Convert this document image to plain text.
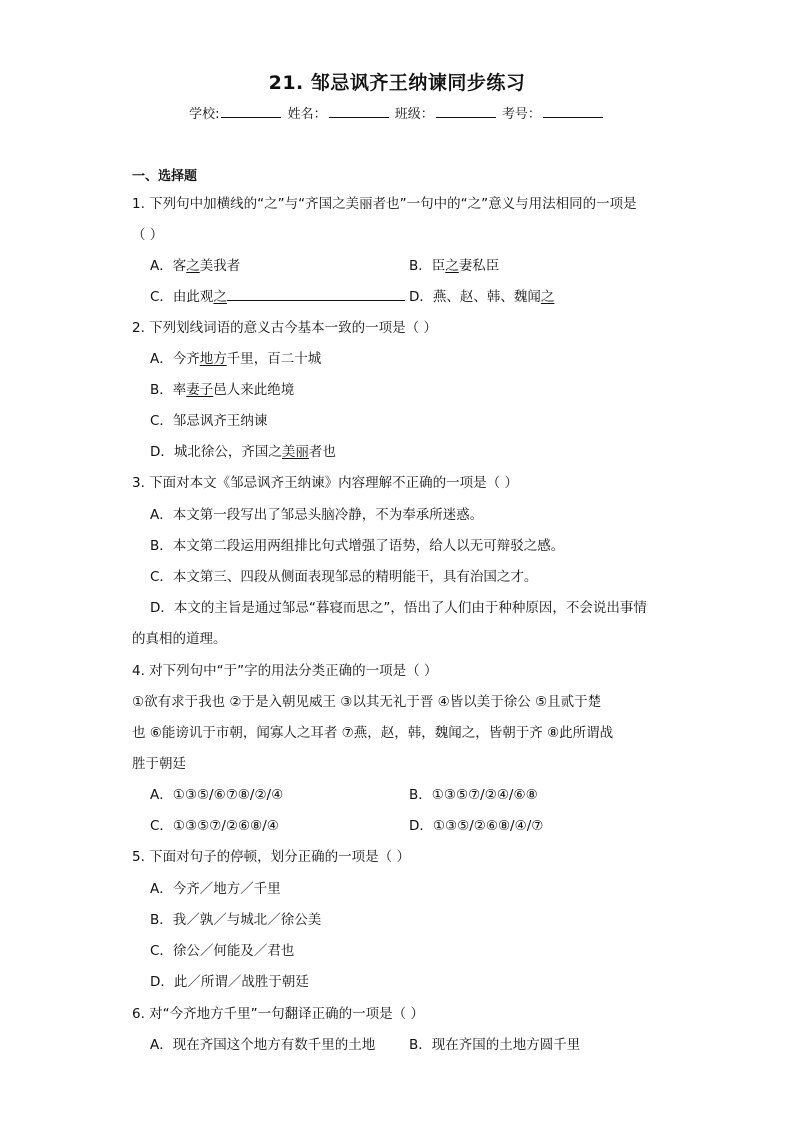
21. 邹忌讽齐王纳谏同步练习
学校:	姓名：	班级：	考号：
一、选择题
1. 下列句中加横线的“之”与“齐国之美丽者也”一句中的“之”意义与用法相同的一项是
（ ）
A．客之美我者	B．臣之妻私臣
C．由此观之	D．燕、赵、韩、魏闻之
2. 下列划线词语的意义古今基本一致的一项是（ ）
A．今齐地方千里，百二十城
B．率妻子邑人来此绝境
C．邹忌讽齐王纳谏
D．城北徐公，齐国之美丽者也
3. 下面对本文《邹忌讽齐王纳谏》内容理解不正确的一项是（ ）
A．本文第一段写出了邹忌头脑冷静，不为奉承所迷惑。
B．本文第二段运用两组排比句式增强了语势，给人以无可辩驳之感。
C．本文第三、四段从侧面表现邹忌的精明能干，具有治国之才。
D．本文的主旨是通过邹忌“暮寝而思之”，悟出了人们由于种种原因，不会说出事情
的真相的道理。
4. 对下列句中“于”字的用法分类正确的一项是（ ）
①欲有求于我也 ②于是入朝见威王 ③以其无礼于晋 ④皆以美于徐公 ⑤且贰于楚
也 ⑥能谤讥于市朝，闻寡人之耳者 ⑦燕，赵，韩，魏闻之，皆朝于齐 ⑧此所谓战
胜于朝廷
A．①③⑤/⑥⑦⑧/②/④	B．①③⑤⑦/②④/⑥⑧
C．①③⑤⑦/②⑥⑧/④	D．①③⑤/②⑥⑧/④/⑦
5. 下面对句子的停顿，划分正确的一项是（ ）
A．今齐／地方／千里
B．我／孰／与城北／徐公美
C．徐公／何能及／君也
D．此／所谓／战胜于朝廷
6. 对“今齐地方千里”一句翻译正确的一项是（ ）
A．现在齐国这个地方有数千里的土地	B．现在齐国的土地方圆千里
